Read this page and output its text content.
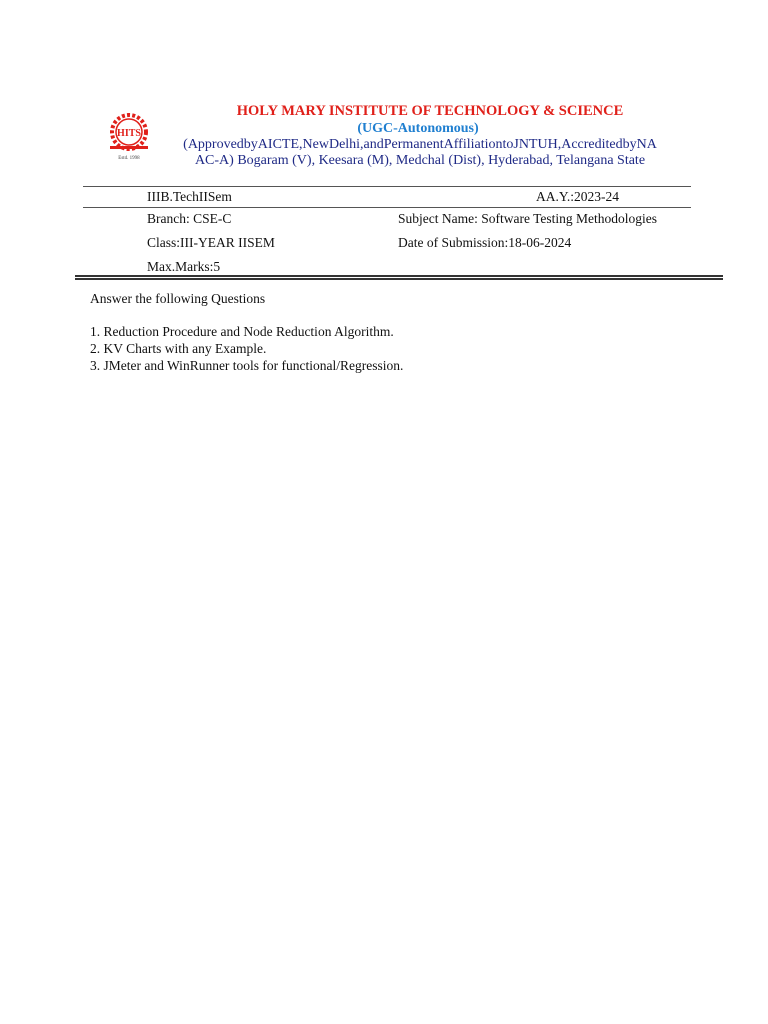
HITS
Estd. 1998
HOLY MARY INSTITUTE OF TECHNOLOGY & SCIENCE
(UGC-Autonomous)
(ApprovedbyAICTE,NewDelhi,andPermanentAffiliationtoJNTUH,AccreditedbyNA
AC-A) Bogaram (V), Keesara (M), Medchal (Dist), Hyderabad, Telangana State
IIIB.TechIISem	AA.Y.:2023-24
Branch: CSE-C	Subject Name: Software Testing Methodologies
Class:III-YEAR IISEM	Date of Submission:18-06-2024
Max.Marks:5
Answer the following Questions
1. Reduction Procedure and Node Reduction Algorithm.
2. KV Charts with any Example.
3. JMeter and WinRunner tools for functional/Regression.
